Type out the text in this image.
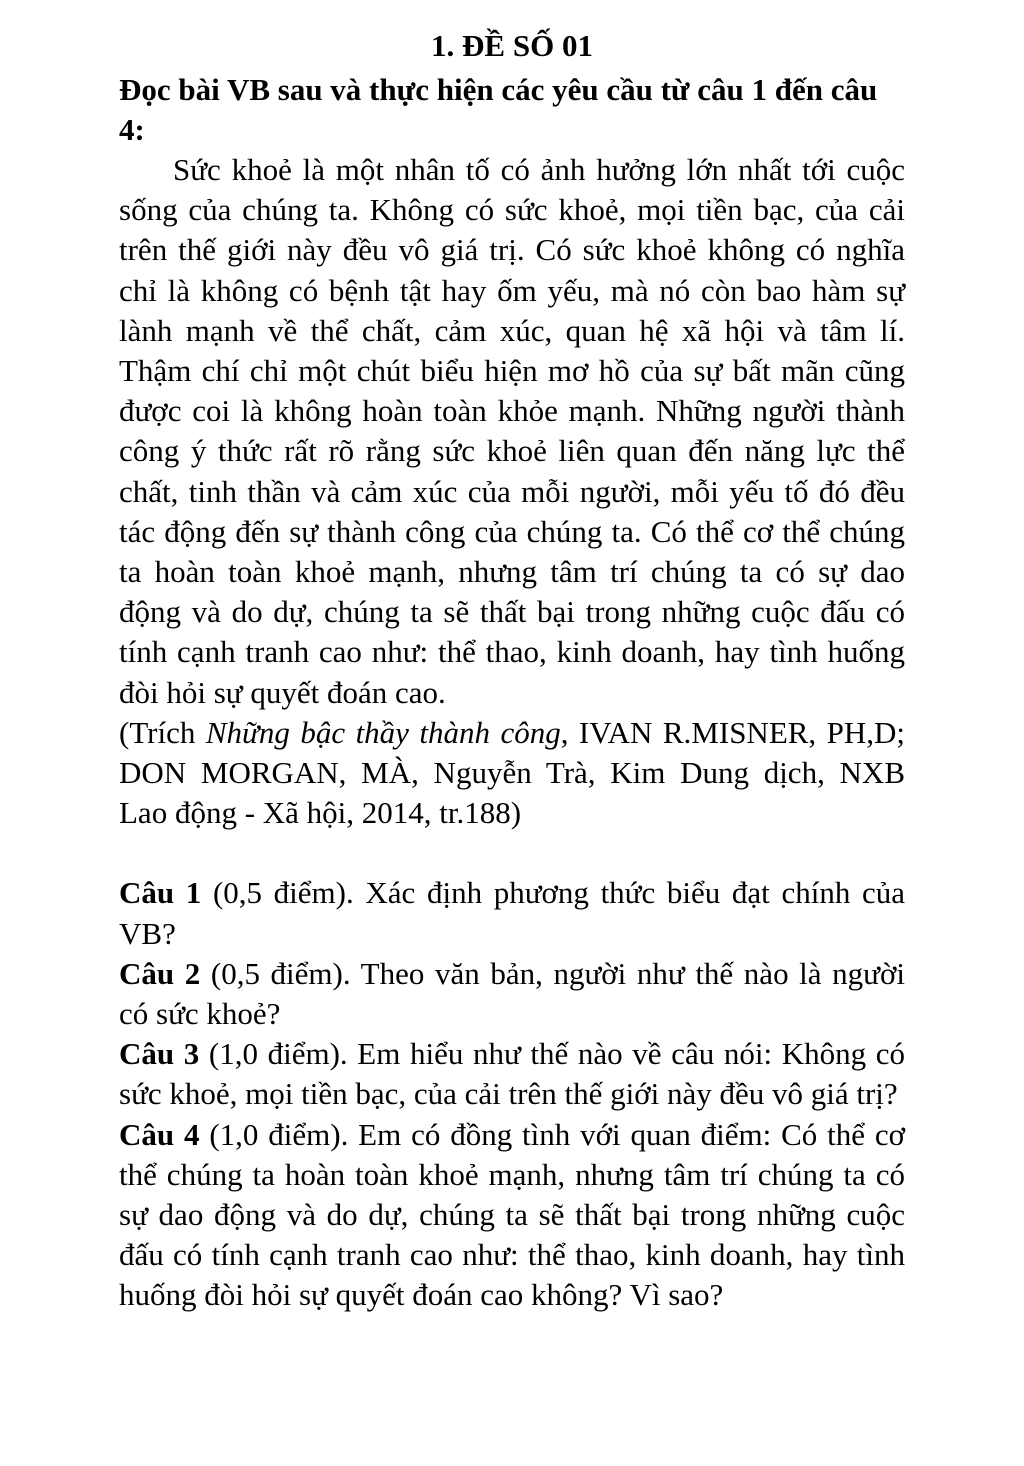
1. ĐỀ SỐ 01

Đọc bài VB sau và thực hiện các yêu cầu từ câu 1 đến câu 4:

Sức khoẻ là một nhân tố có ảnh hưởng lớn nhất tới cuộc sống của chúng ta. Không có sức khoẻ, mọi tiền bạc, của cải trên thế giới này đều vô giá trị. Có sức khoẻ không có nghĩa chỉ là không có bệnh tật hay ốm yếu, mà nó còn bao hàm sự lành mạnh về thể chất, cảm xúc, quan hệ xã hội và tâm lí. Thậm chí chỉ một chút biểu hiện mơ hồ của sự bất mãn cũng được coi là không hoàn toàn khỏe mạnh. Những người thành công ý thức rất rõ rằng sức khoẻ liên quan đến năng lực thể chất, tinh thần và cảm xúc của mỗi người, mỗi yếu tố đó đều tác động đến sự thành công của chúng ta. Có thể cơ thể chúng ta hoàn toàn khoẻ mạnh, nhưng tâm trí chúng ta có sự dao động và do dự, chúng ta sẽ thất bại trong những cuộc đấu có tính cạnh tranh cao như: thể thao, kinh doanh, hay tình huống đòi hỏi sự quyết đoán cao.

(Trích Những bậc thầy thành công, IVAN R.MISNER, PH,D; DON MORGAN, MÀ, Nguyễn Trà, Kim Dung dịch, NXB Lao động - Xã hội, 2014, tr.188)

Câu 1 (0,5 điểm). Xác định phương thức biểu đạt chính của VB?

Câu 2 (0,5 điểm). Theo văn bản, người như thế nào là người có sức khoẻ?

Câu 3 (1,0 điểm). Em hiểu như thế nào về câu nói: Không có sức khoẻ, mọi tiền bạc, của cải trên thế giới này đều vô giá trị?

Câu 4 (1,0 điểm). Em có đồng tình với quan điểm: Có thể cơ thể chúng ta hoàn toàn khoẻ mạnh, nhưng tâm trí chúng ta có sự dao động và do dự, chúng ta sẽ thất bại trong những cuộc đấu có tính cạnh tranh cao như: thể thao, kinh doanh, hay tình huống đòi hỏi sự quyết đoán cao không? Vì sao?
